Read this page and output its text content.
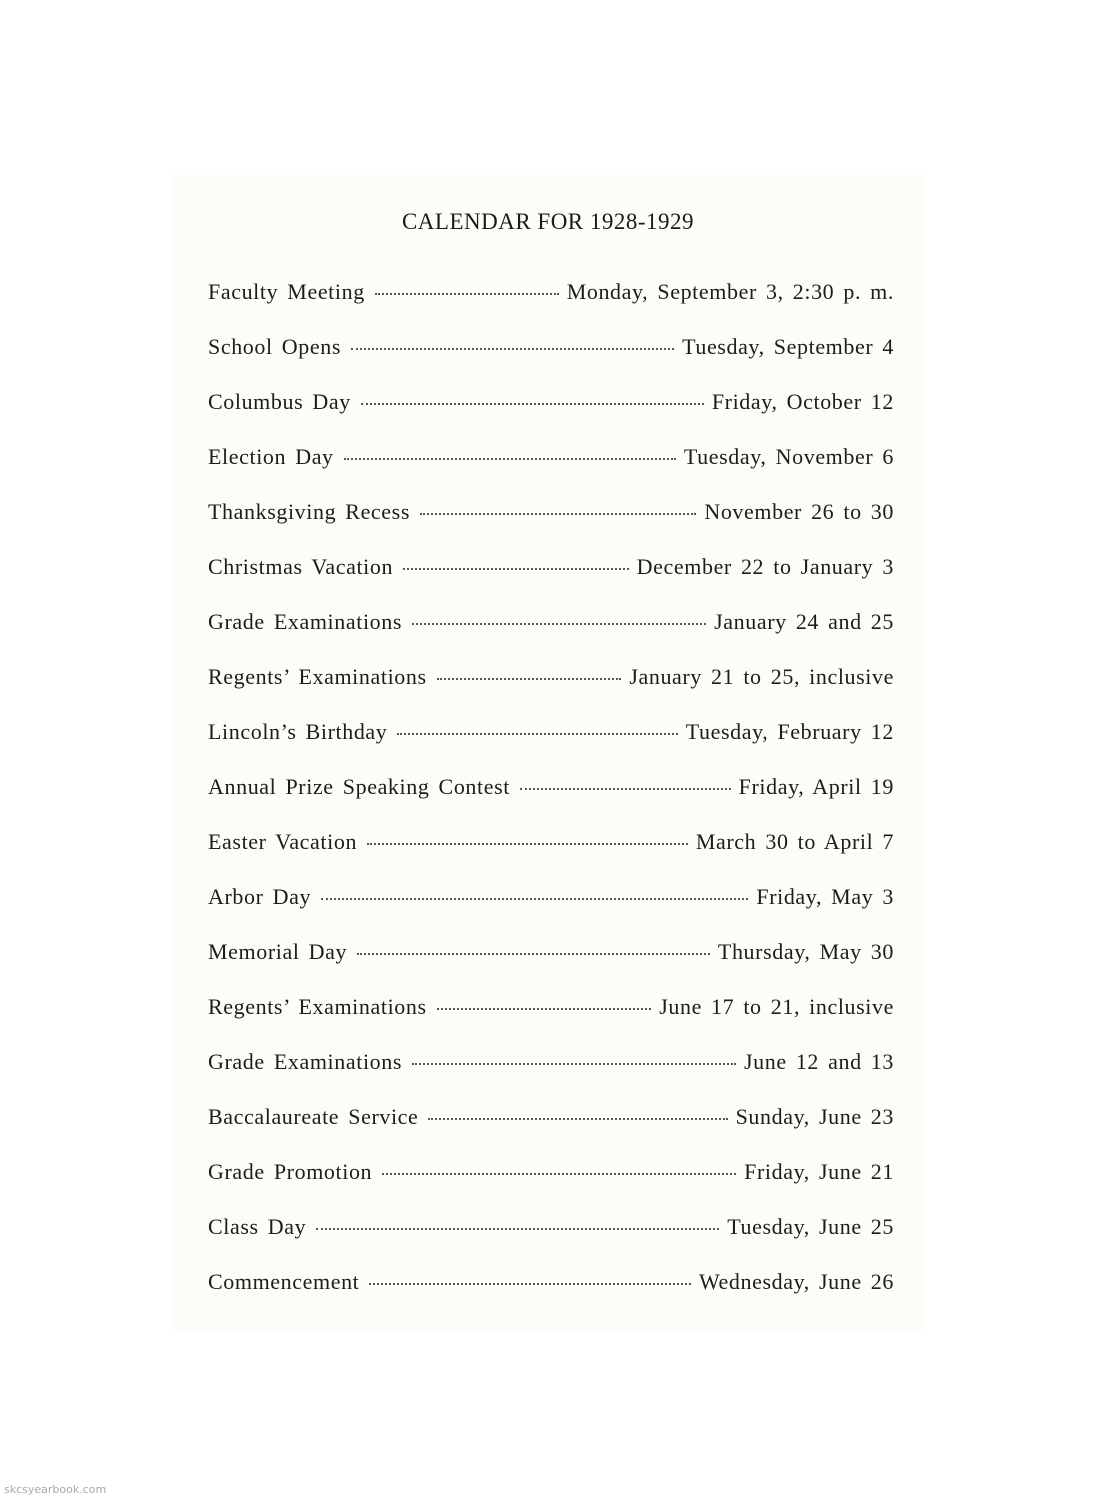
CALENDAR FOR 1928-1929
Faculty Meeting	Monday, September 3, 2:30 p. m.
School Opens	Tuesday, September 4
Columbus Day	Friday, October 12
Election Day	Tuesday, November 6
Thanksgiving Recess	November 26 to 30
Christmas Vacation	December 22 to January 3
Grade Examinations	January 24 and 25
Regents’ Examinations	January 21 to 25, inclusive
Lincoln’s Birthday	Tuesday, February 12
Annual Prize Speaking Contest	Friday, April 19
Easter Vacation	March 30 to April 7
Arbor Day	Friday, May 3
Memorial Day	Thursday, May 30
Regents’ Examinations	June 17 to 21, inclusive
Grade Examinations	June 12 and 13
Baccalaureate Service	Sunday, June 23
Grade Promotion	Friday, June 21
Class Day	Tuesday, June 25
Commencement	Wednesday, June 26
skcsyearbook.com
